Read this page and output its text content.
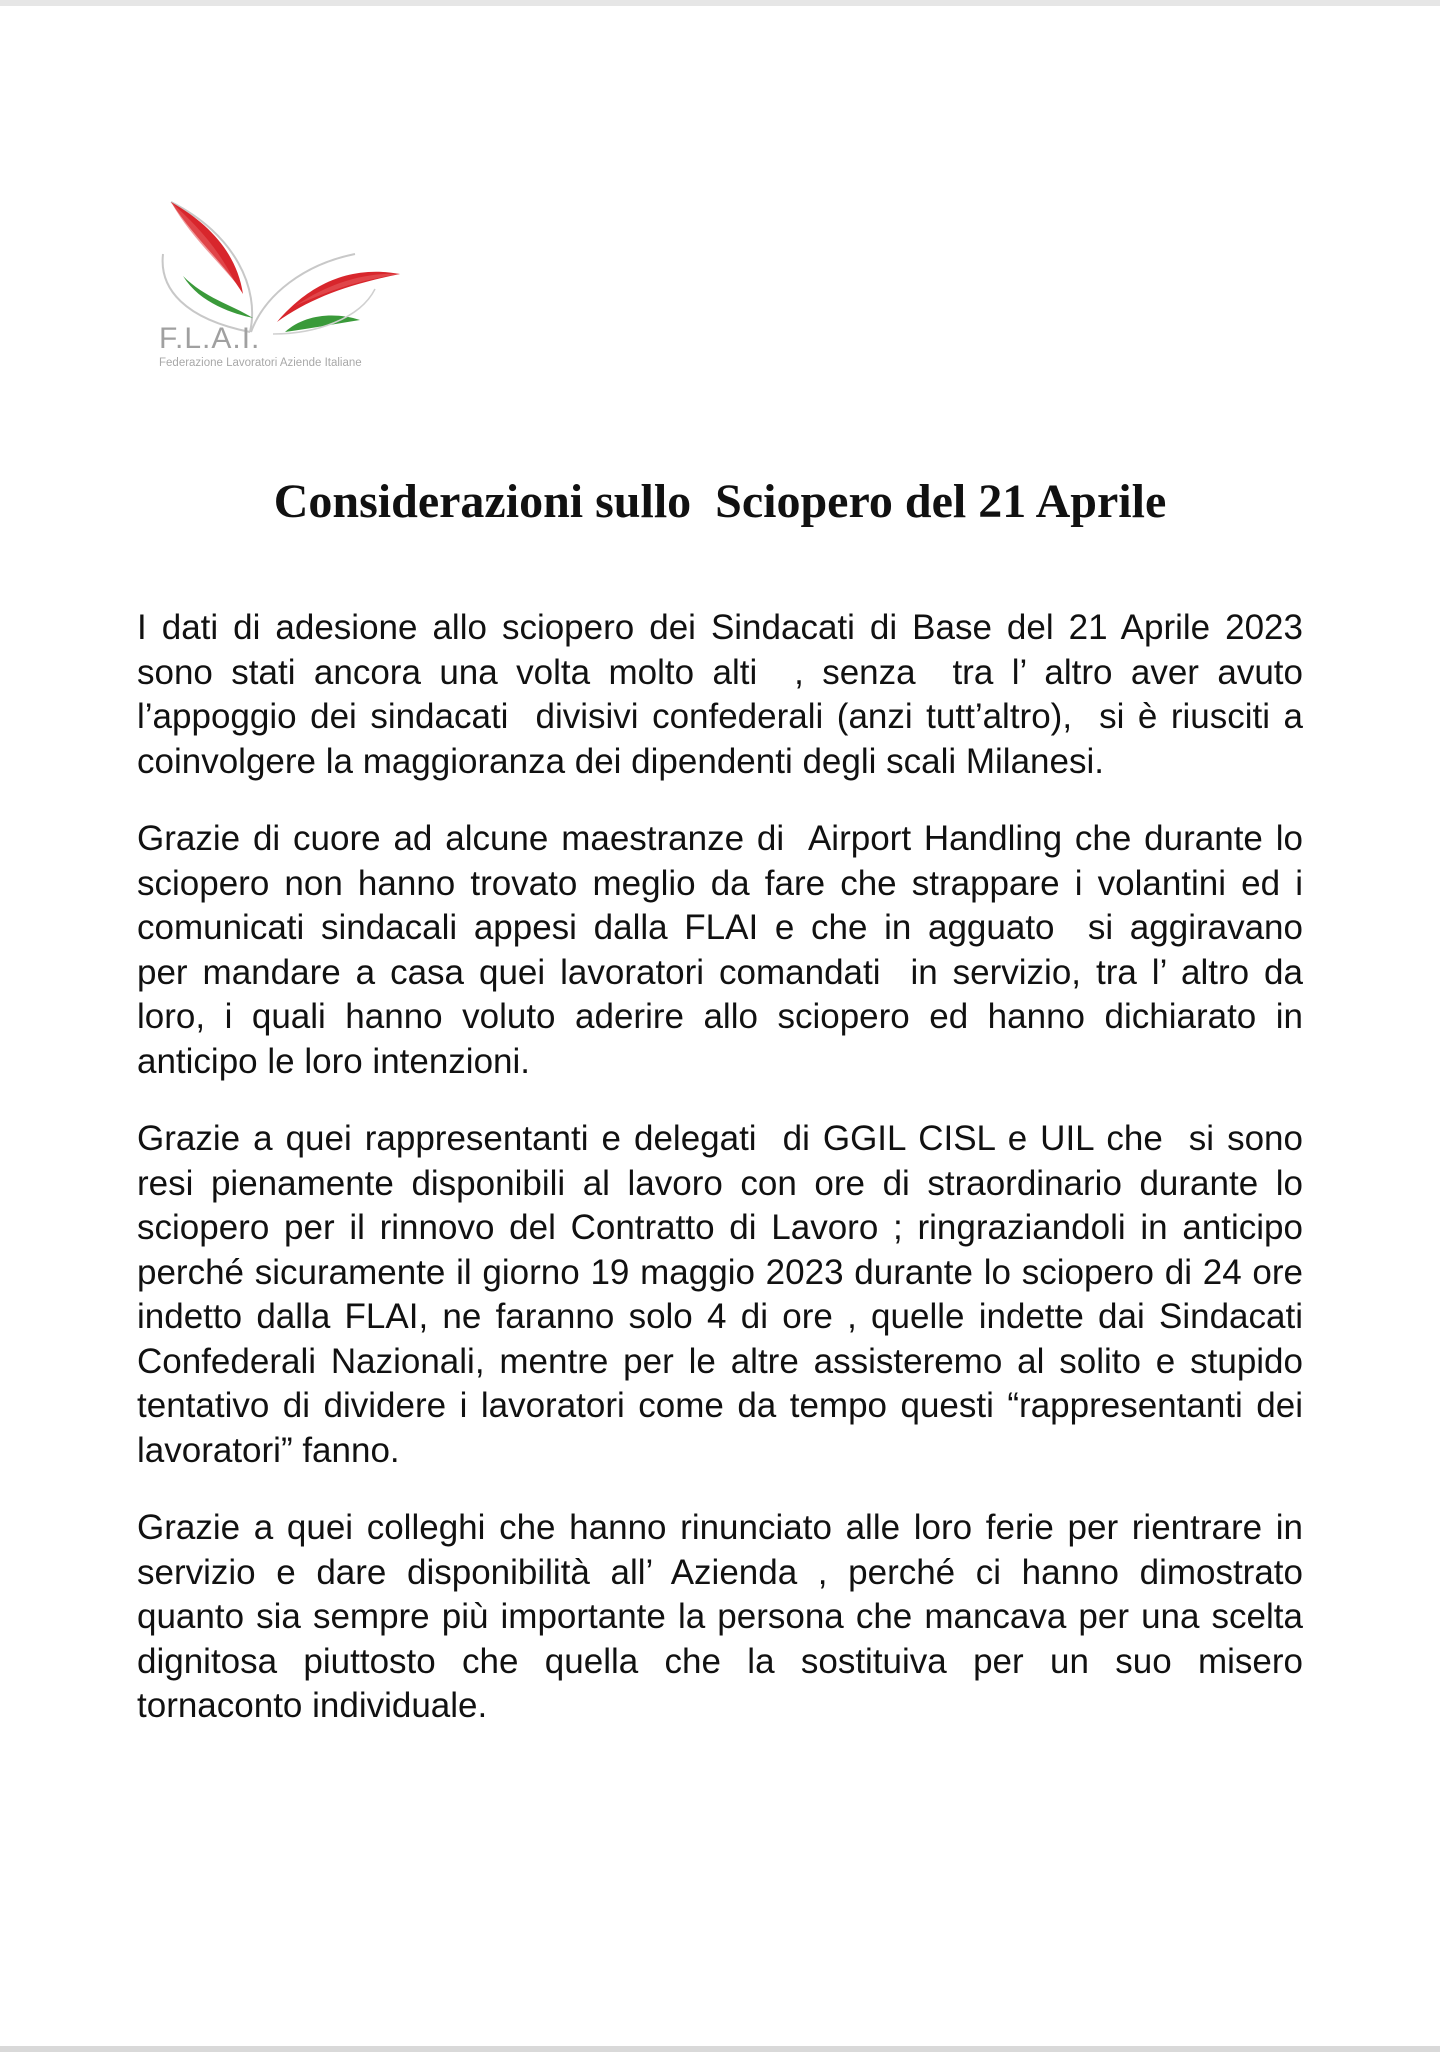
F.L.A.I.
Federazione Lavoratori Aziende Italiane
Considerazioni sullo  Sciopero del 21 Aprile

I dati di adesione allo sciopero dei Sindacati di Base del 21 Aprile 2023   sono stati ancora una volta molto alti  , senza  tra l’ altro aver avuto l’appoggio dei sindacati  divisivi confederali (anzi tutt’altro),  si è riusciti a coinvolgere la maggioranza dei dipendenti degli scali Milanesi.

Grazie di cuore ad alcune maestranze di  Airport Handling che durante lo sciopero non hanno trovato meglio da fare che strappare i volantini ed i comunicati sindacali appesi dalla FLAI e che in agguato  si aggiravano   per mandare a casa quei lavoratori comandati  in servizio, tra l’ altro da loro, i quali hanno voluto aderire allo sciopero ed hanno dichiarato in anticipo le loro intenzioni.

Grazie a quei rappresentanti e delegati  di GGIL CISL e UIL che  si sono resi pienamente disponibili al lavoro con ore di straordinario durante lo sciopero per il rinnovo del Contratto di Lavoro ; ringraziandoli in anticipo perché sicuramente il giorno 19 maggio 2023 durante lo sciopero di 24 ore indetto dalla FLAI, ne faranno solo 4 di ore , quelle indette dai Sindacati Confederali Nazionali, mentre per le altre assisteremo al solito e stupido tentativo di dividere i lavoratori come da tempo questi “rappresentanti dei lavoratori” fanno.

Grazie a quei colleghi che hanno rinunciato alle loro ferie per rientrare in servizio e dare disponibilità all’ Azienda , perché ci hanno dimostrato quanto sia sempre più importante la persona che mancava per una scelta dignitosa piuttosto che quella che la sostituiva per un suo misero tornaconto individuale.
